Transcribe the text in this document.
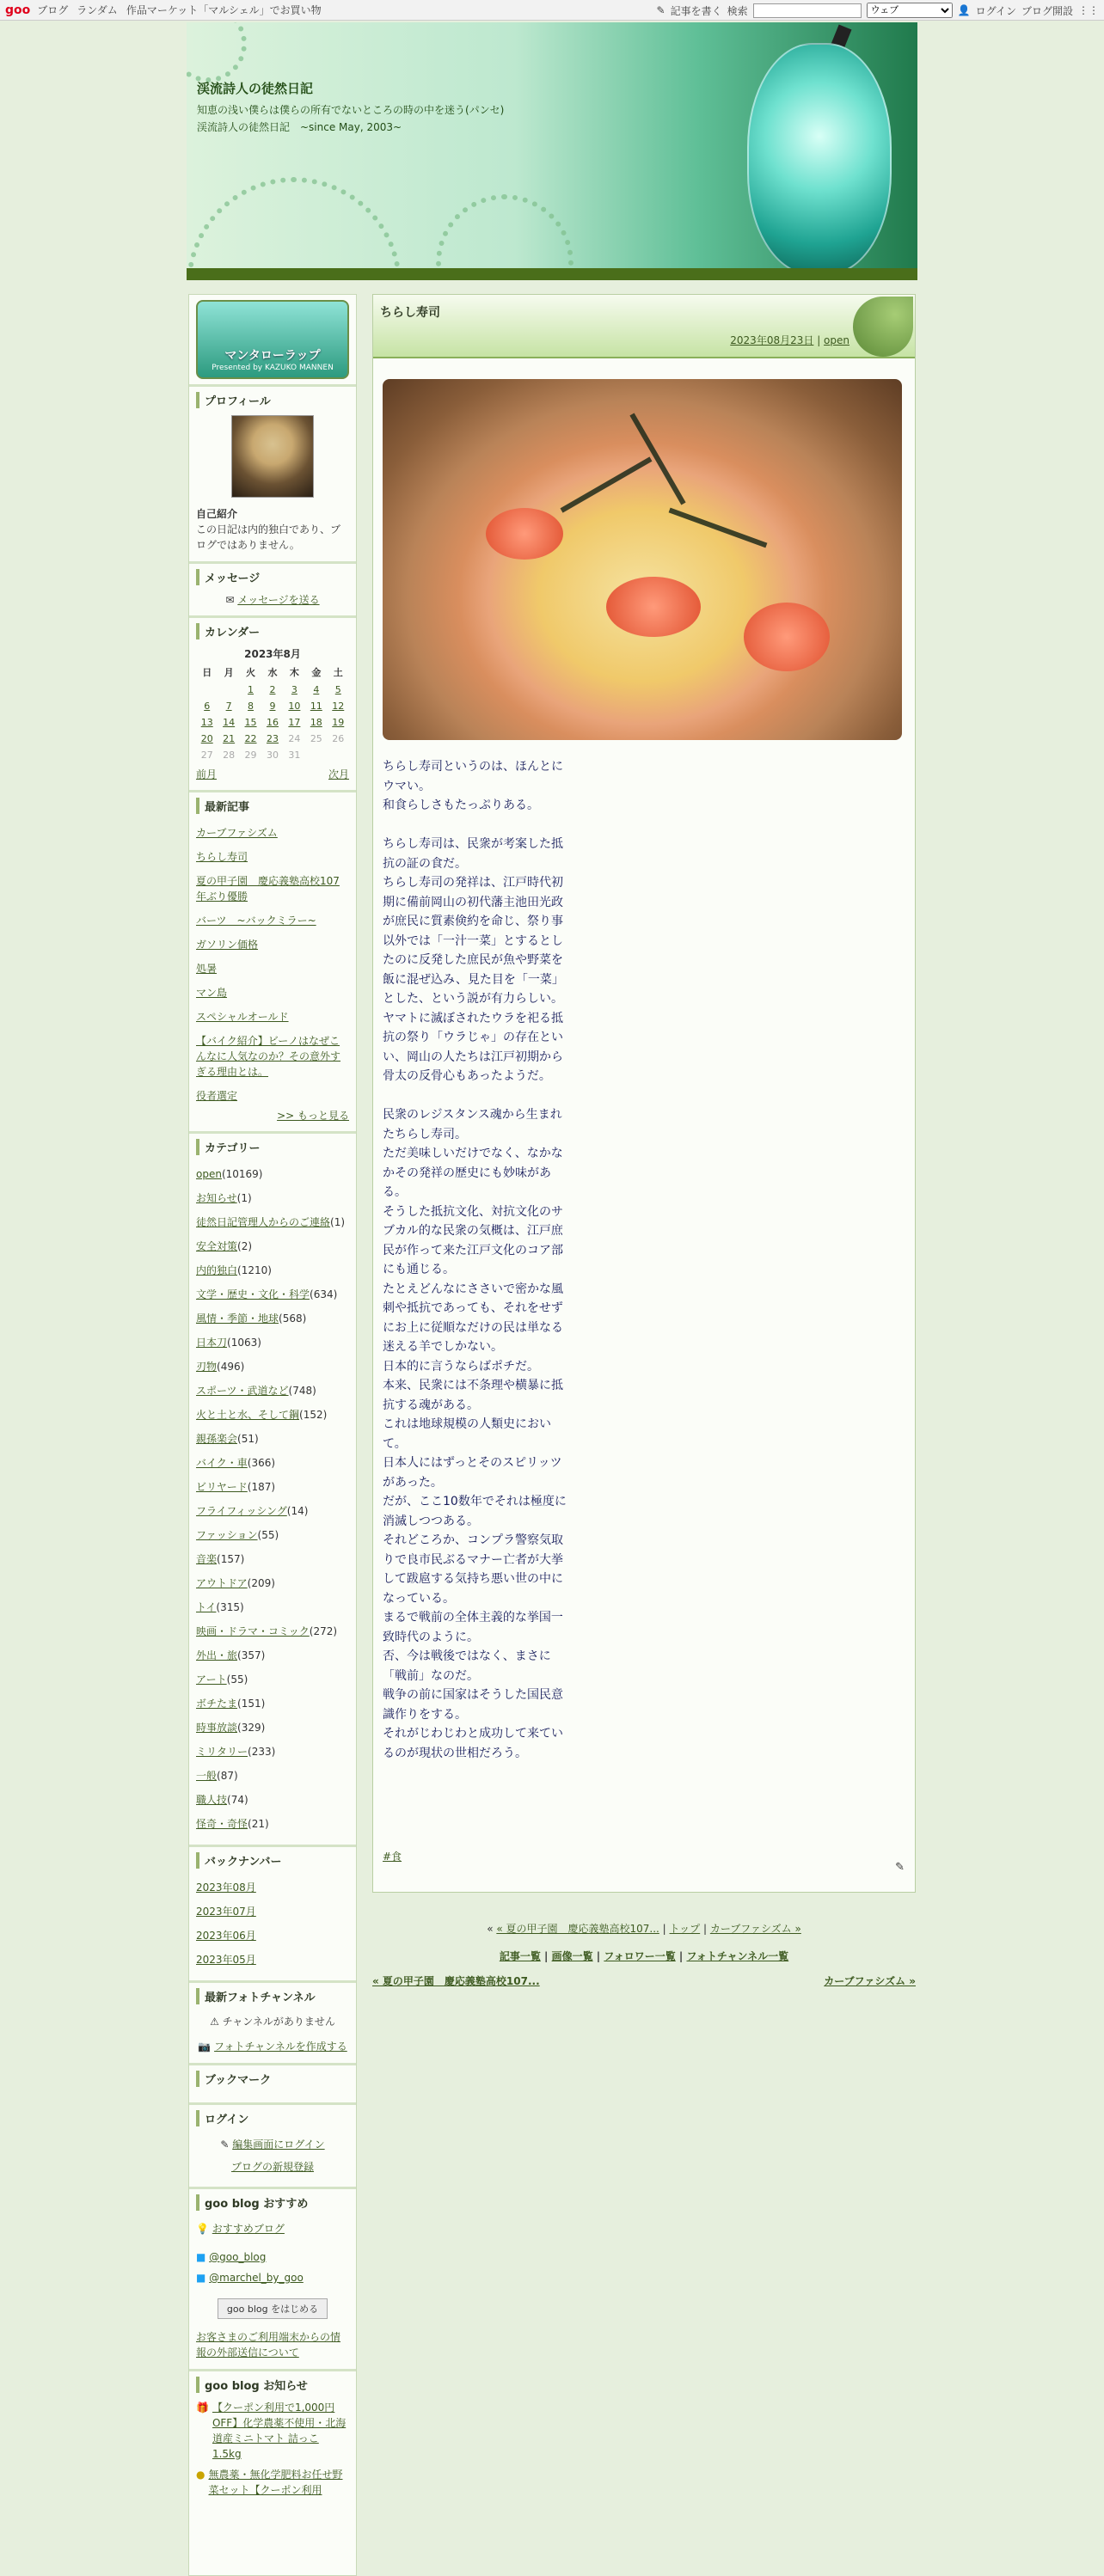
goo ブログ ランダム 作品マーケット「マルシェル」でお買い物	✎ 記事を書く 検索
ウェブ	👤 ログイン ブログ開設 ⋮⋮
渓流詩人の徒然日記
知恵の浅い僕らは僕らの所有でないところの時の中を迷う(パンセ)　渓流詩人の徒然日記　~since May, 2003~
マンタローラップ
Presented by KAZUKO MANNEN
プロフィール

自己紹介

この日記は内的独白であり、ブログではありません。

メッセージ
✉ メッセージを送る
カレンダー
2023年8月
日	月	火	水	木	金	土
		1	2	3	4	5
6	7	8	9	10	11	12
13	14	15	16	17	18	19
20	21	22	23	24	25	26
27	28	29	30	31		
前月	次月
最新記事
カーブファシズム
ちらし寿司
夏の甲子園　慶応義塾高校107年ぶり優勝
バーツ　~バックミラー~
ガソリン価格
処暑
マン島
スペシャルオールド
【バイク紹介】ビーノはなぜこんなに人気なのか？その意外すぎる理由とは。
役者選定
>> もっと見る
カテゴリー
open(10169)
お知らせ(1)
徒然日記管理人からのご連絡(1)
安全対策(2)
内的独白(1210)
文学・歴史・文化・科学(634)
風情・季節・地球(568)
日本刀(1063)
刃物(496)
スポーツ・武道など(748)
火と土と水、そして鋼(152)
親孫楽会(51)
バイク・車(366)
ビリヤード(187)
フライフィッシング(14)
ファッション(55)
音楽(157)
アウトドア(209)
トイ(315)
映画・ドラマ・コミック(272)
外出・旅(357)
アート(55)
ボチたま(151)
時事放談(329)
ミリタリー(233)
一般(87)
職人技(74)
怪奇・奇怪(21)
バックナンバー
2023年08月
2023年07月
2023年06月
2023年05月
最新フォトチャンネル
⚠ チャンネルがありません
📷 フォトチャンネルを作成する
ブックマーク
ログイン
✎ 編集画面にログイン
ブログの新規登録
goo blog おすすめ
💡 おすすめブログ
■ @goo_blog
■ @marchel_by_goo
goo blog をはじめる
お客さまのご利用端末からの情報の外部送信について
goo blog お知らせ
🎁 【クーポン利用で1,000円OFF】化学農薬不使用・北海道産ミニトマト 詰っこ 1.5kg
● 無農薬・無化学肥料お任せ野菜セット【クーポン利用
ちらし寿司
2023年08月23日 | open
ちらし寿司というのは、ほんとにウマい。
和食らしさもたっぷりある。

ちらし寿司は、民衆が考案した抵抗の証の食だ。
ちらし寿司の発祥は、江戸時代初期に備前岡山の初代藩主池田光政が庶民に質素倹約を命じ、祭り事以外では「一汁一菜」とするとしたのに反発した庶民が魚や野菜を飯に混ぜ込み、見た目を「一菜」とした、という説が有力らしい。
ヤマトに滅ぼされたウラを祀る抵抗の祭り「ウラじゃ」の存在といい、岡山の人たちは江戸初期から骨太の反骨心もあったようだ。

民衆のレジスタンス魂から生まれたちらし寿司。
ただ美味しいだけでなく、なかなかその発祥の歴史にも妙味がある。
そうした抵抗文化、対抗文化のサブカル的な民衆の気概は、江戸庶民が作って来た江戸文化のコア部にも通じる。
たとえどんなにささいで密かな風刺や抵抗であっても、それをせずにお上に従順なだけの民は単なる迷える羊でしかない。
日本的に言うならばポチだ。
本来、民衆には不条理や横暴に抵抗する魂がある。
これは地球規模の人類史において。
日本人にはずっとそのスピリッツがあった。
だが、ここ10数年でそれは極度に消滅しつつある。
それどころか、コンプラ警察気取りで良市民ぶるマナー亡者が大挙して跋扈する気持ち悪い世の中になっている。
まるで戦前の全体主義的な挙国一致時代のように。
否、今は戦後ではなく、まさに「戦前」なのだ。
戦争の前に国家はそうした国民意識作りをする。
それがじわじわと成功して来ているのが現状の世相だろう。
#食
✎
« « 夏の甲子園　慶応義塾高校107... | トップ | カーブファシズム »
記事一覧 | 画像一覧 | フォロワー一覧 | フォトチャンネル一覧
« 夏の甲子園　慶応義塾高校107...	カーブファシズム »
